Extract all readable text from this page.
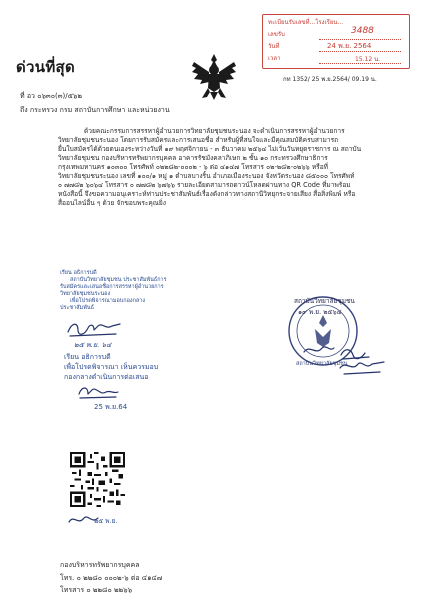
ทะเบียนรับเลขที่...โรงเรียน...
เลขรับ	3488
วันที่	24 พ.ย. 2564
เวลา	15.12 น.
กท 1352/ 25 พ.ย.2564/ 09.19 น.
ด่วนที่สุด
ที่ อว ๐๖๓๐(๓)/๕๖๒
ถึง กระทรวง กรม สถาบันการศึกษา และหน่วยงาน
ด้วยคณะกรรมการสรรหาผู้อำนวยการวิทยาลัยชุมชนระนอง จะดำเนินการสรรหาผู้อำนวยการ
วิทยาลัยชุมชนระนอง โดยการรับสมัครและการเสนอชื่อ สำหรับผู้ที่สนใจและมีคุณสมบัติครบสามารถ
ยื่นใบสมัครได้ด้วยตนเองระหว่างวันที่ ๑๙ พฤศจิกายน - ๓ ธันวาคม ๒๕๖๔ ไม่เว้นวันหยุดราชการ ณ สถาบัน
วิทยาลัยชุมชน กองบริหารทรัพยากรบุคคล อาคารรัชมังคลาภิเษก ๒ ชั้น ๑๐ กระทรวงศึกษาธิการ
กรุงเทพมหานคร ๑๐๓๐๐ โทรศัพท์ ๐๒๒๘๒-๐๐๐๒ - ๖ ต่อ ๔๑๔๗ โทรสาร ๐๒-๒๘๒-๐๒๖๖ หรือที่
วิทยาลัยชุมชนระนอง เลขที่ ๑๐๐/๑ หมู่ ๑ ตำบลบางริ้น อำเภอเมืองระนอง จังหวัดระนอง ๘๕๐๐๐ โทรศัพท์
๐ ๗๗๘๒ ๖๐๖๔ โทรสาร ๐ ๗๗๘๒ ๖๗๖๖ รายละเอียดสามารถดาวน์โหลดผ่านทาง QR Code ที่มาพร้อม
หนังสือนี้ จึงขอความอนุเคราะห์ท่านประชาสัมพันธ์เรื่องดังกล่าวทางสถานีวิทยุกระจายเสียง สื่อสิ่งพิมพ์ หรือ
สื่ออนไลน์อื่น ๆ ด้วย จักขอบพระคุณยิ่ง
เรียน อธิการบดี
สถาบันวิทยาลัยชุมชน ประชาสัมพันธ์การ
รับสมัครและเสนอชื่อการสรรหาผู้อำนวยการ
วิทยาลัยชุมชนระนอง
เพื่อโปรดพิจารณามอบกองกลาง
ประชาสัมพันธ์
๒๕ พ.ย. ๖๔
เรียน อธิการบดี
เพื่อโปรดพิจารณา เห็นควรมอบ
กองกลางดำเนินการต่อเสนอ
25 พ.ย.64
สถาบันวิทยาลัยชุมชน
๑๙ พ.ย. ๒๕๖๔
สถาบันวิทยาลัยชุมชน
๒๕ พ.ย.
กองบริหารทรัพยากรบุคคล
โทร. ๐ ๒๒๘๐ ๐๐๐๒-๖ ต่อ ๔๑๔๗
โทรสาร ๐ ๒๒๘๐ ๒๒๖๖
